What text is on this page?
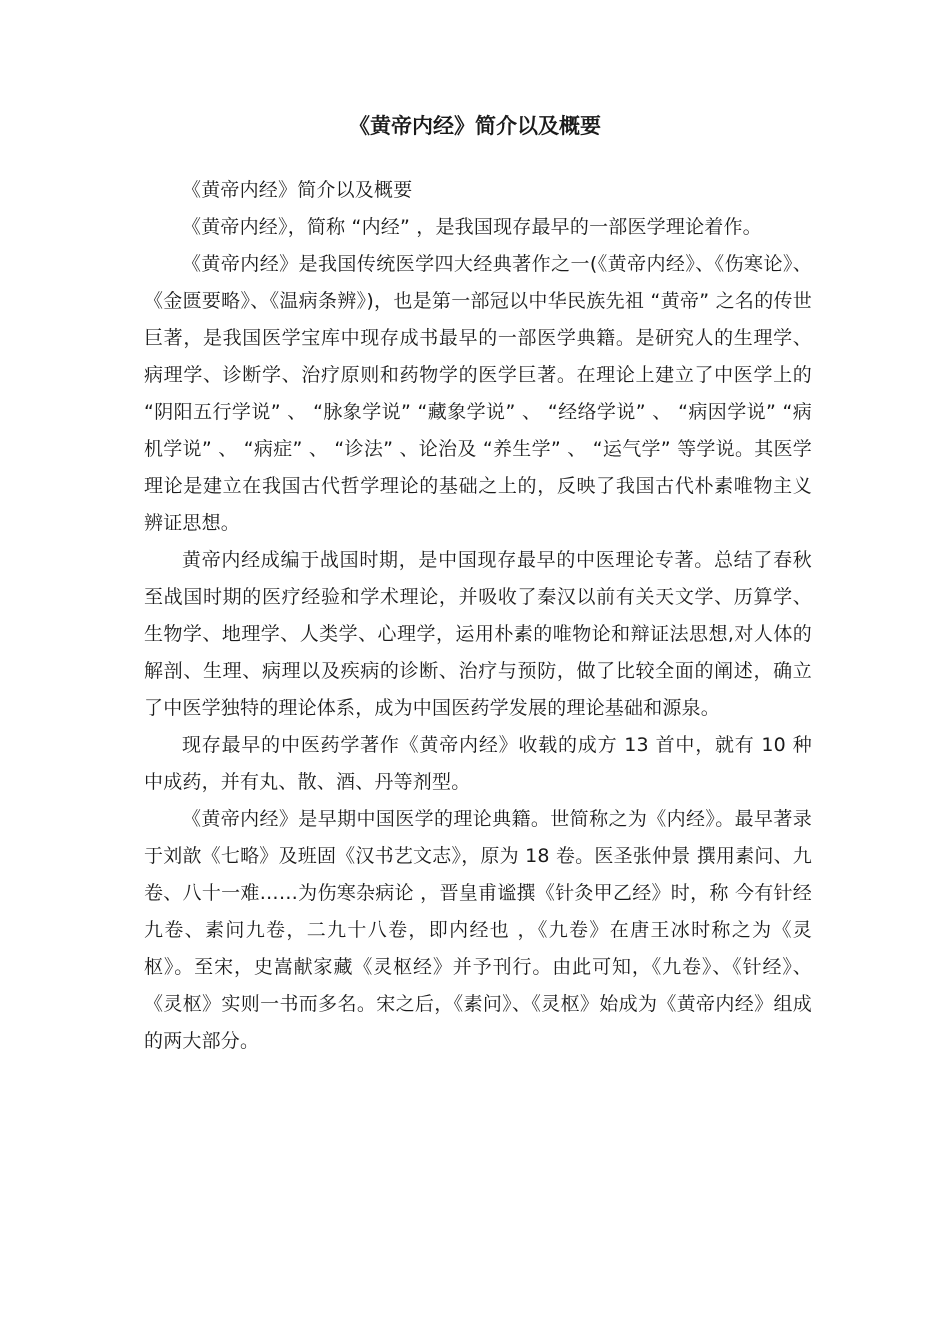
《黄帝内经》简介以及概要

《黄帝内经》简介以及概要

《黄帝内经》，简称 “内经” ，是我国现存最早的一部医学理论着作。

《黄帝内经》是我国传统医学四大经典著作之一(《黄帝内经》、《伤寒论》、《金匮要略》、《温病条辨》)，也是第一部冠以中华民族先祖 “黄帝” 之名的传世巨著，是我国医学宝库中现存成书最早的一部医学典籍。是研究人的生理学、病理学、诊断学、治疗原则和药物学的医学巨著。在理论上建立了中医学上的 “阴阳五行学说” 、 “脉象学说” “藏象学说” 、 “经络学说” 、 “病因学说” “病机学说” 、 “病症” 、 “诊法” 、论治及 “养生学” 、 “运气学” 等学说。其医学理论是建立在我国古代哲学理论的基础之上的，反映了我国古代朴素唯物主义辨证思想。

黄帝内经成编于战国时期，是中国现存最早的中医理论专著。总结了春秋至战国时期的医疗经验和学术理论，并吸收了秦汉以前有关天文学、历算学、生物学、地理学、人类学、心理学，运用朴素的唯物论和辩证法思想,对人体的解剖、生理、病理以及疾病的诊断、治疗与预防，做了比较全面的阐述，确立了中医学独特的理论体系，成为中国医药学发展的理论基础和源泉。

现存最早的中医药学著作《黄帝内经》收载的成方 13 首中，就有 10 种中成药，并有丸、散、酒、丹等剂型。

《黄帝内经》是早期中国医学的理论典籍。世简称之为《内经》。最早著录于刘歆《七略》及班固《汉书艺文志》，原为 18 卷。医圣张仲景 撰用素问、九卷、八十一难……为伤寒杂病论 ，晋皇甫谧撰《针灸甲乙经》时，称 今有针经九卷、素问九卷，二九十八卷，即内经也 ，《九卷》在唐王冰时称之为《灵枢》。至宋，史嵩献家藏《灵枢经》并予刊行。由此可知，《九卷》、《针经》、《灵枢》实则一书而多名。宋之后，《素问》、《灵枢》始成为《黄帝内经》组成的两大部分。
